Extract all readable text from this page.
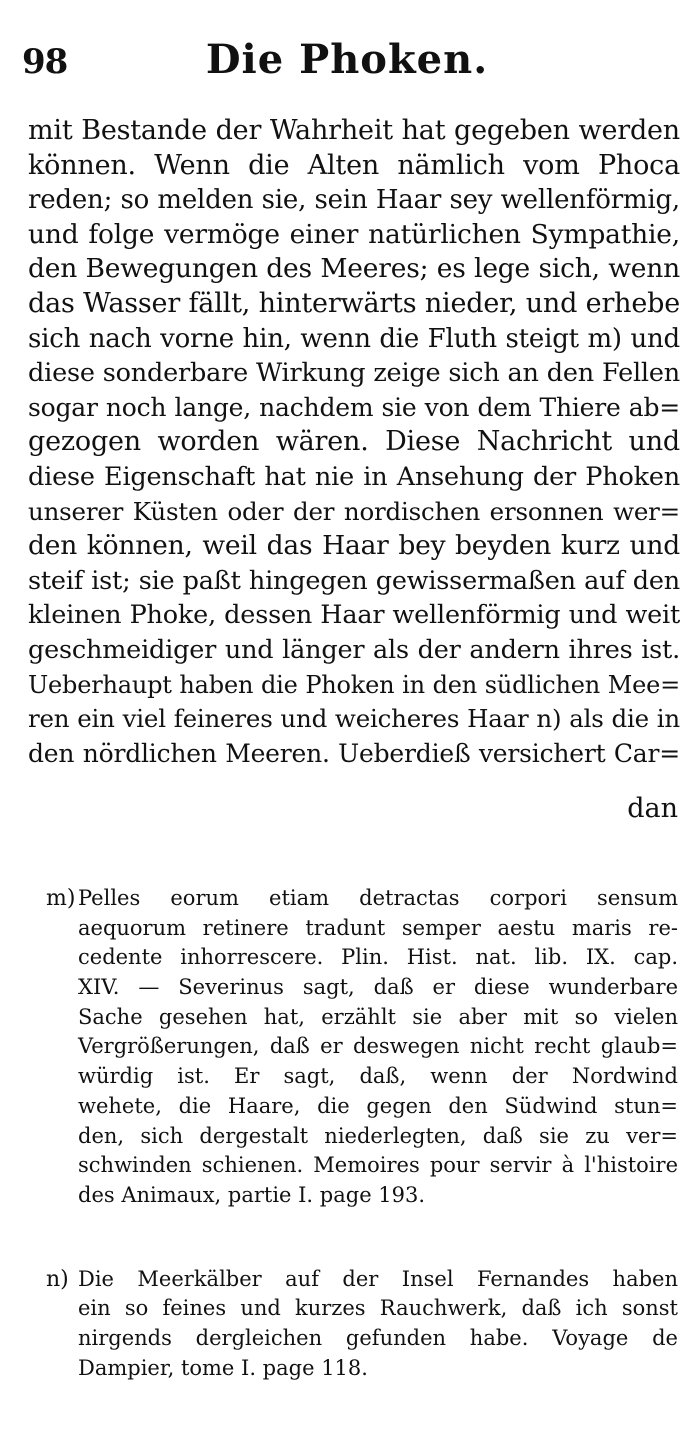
98	Die Phoken.
mit Bestande der Wahrheit hat gegeben werden
können. Wenn die Alten nämlich vom Phoca
reden; so melden sie, sein Haar sey wellenförmig,
und folge vermöge einer natürlichen Sympathie,
den Bewegungen des Meeres; es lege sich, wenn
das Wasser fällt, hinterwärts nieder, und erhebe
sich nach vorne hin, wenn die Fluth steigt m) und
diese sonderbare Wirkung zeige sich an den Fellen
sogar noch lange, nachdem sie von dem Thiere ab=
gezogen worden wären. Diese Nachricht und
diese Eigenschaft hat nie in Ansehung der Phoken
unserer Küsten oder der nordischen ersonnen wer=
den können, weil das Haar bey beyden kurz und
steif ist; sie paßt hingegen gewissermaßen auf den
kleinen Phoke, dessen Haar wellenförmig und weit
geschmeidiger und länger als der andern ihres ist.
Ueberhaupt haben die Phoken in den südlichen Mee=
ren ein viel feineres und weicheres Haar n) als die in
den nördlichen Meeren. Ueberdieß versichert Car=
dan
m) Pelles eorum etiam detractas corpori sensum
aequorum retinere tradunt semper aestu maris re-
cedente inhorrescere. Plin. Hist. nat. lib. IX. cap.
XIV. — Severinus sagt, daß er diese wunderbare
Sache gesehen hat, erzählt sie aber mit so vielen
Vergrößerungen, daß er deswegen nicht recht glaub=
würdig ist. Er sagt, daß, wenn der Nordwind
wehete, die Haare, die gegen den Südwind stun=
den, sich dergestalt niederlegten, daß sie zu ver=
schwinden schienen. Memoires pour servir à l'histoire
des Animaux, partie I. page 193.
n) Die Meerkälber auf der Insel Fernandes haben
ein so feines und kurzes Rauchwerk, daß ich sonst
nirgends dergleichen gefunden habe. Voyage de
Dampier, tome I. page 118.
